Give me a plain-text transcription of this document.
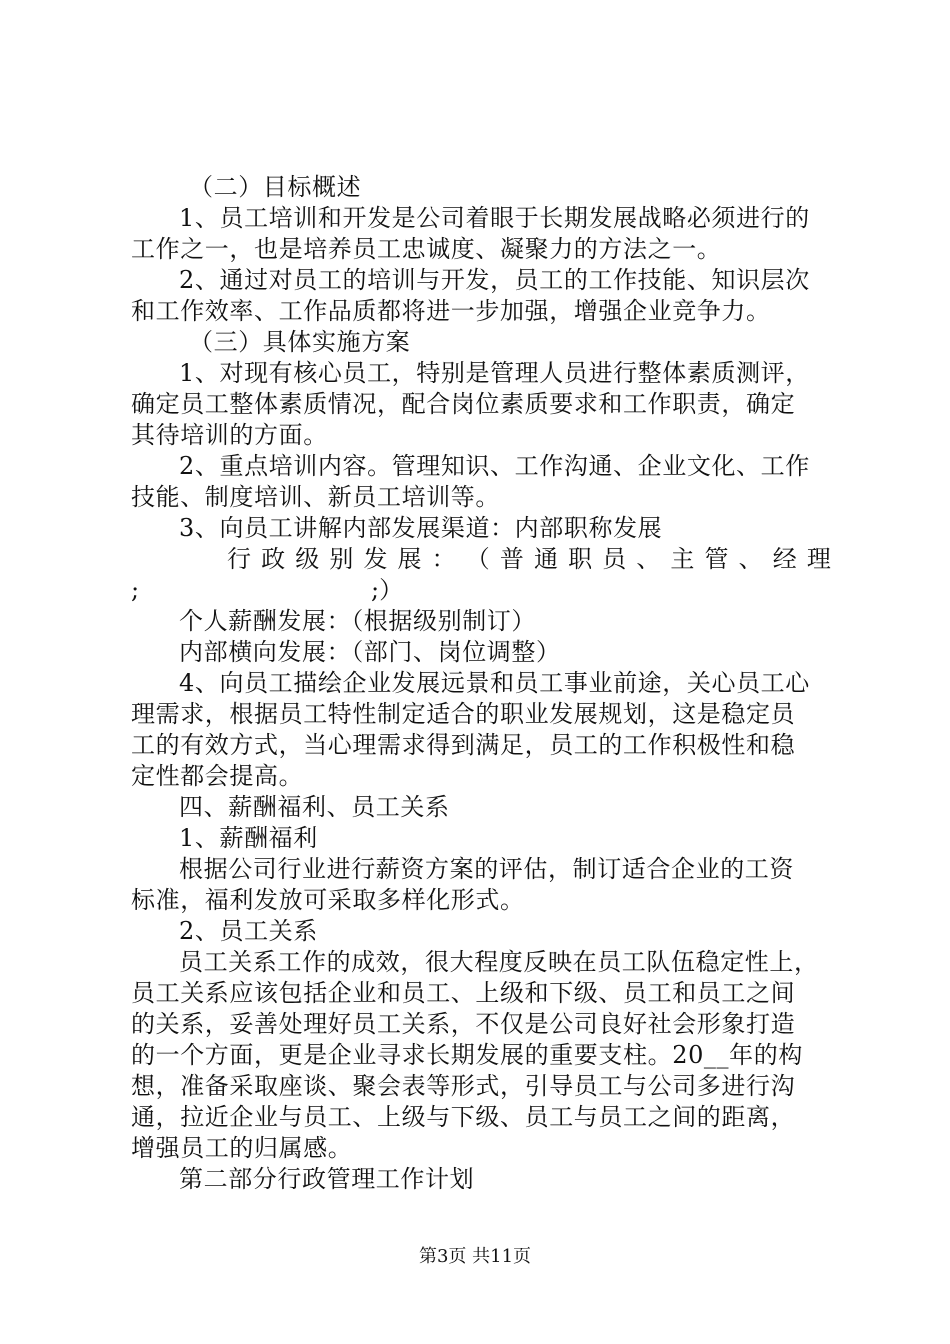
（二）目标概述
1、员工培训和开发是公司着眼于长期发展战略必须进行的
工作之一，也是培养员工忠诚度、凝聚力的方法之一。
2、通过对员工的培训与开发，员工的工作技能、知识层次
和工作效率、工作品质都将进一步加强，增强企业竞争力。
（三）具体实施方案
1、对现有核心员工，特别是管理人员进行整体素质测评，
确定员工整体素质情况，配合岗位素质要求和工作职责，确定
其待培训的方面。
2、重点培训内容。管理知识、工作沟通、企业文化、工作
技能、制度培训、新员工培训等。
3、向员工讲解内部发展渠道：内部职称发展
行 政 级 别 发 展 ： （ 普 通 职 员 、 主 管 、 经 理
;	;）
个人薪酬发展：（根据级别制订）
内部横向发展：（部门、岗位调整）
4、向员工描绘企业发展远景和员工事业前途，关心员工心
理需求，根据员工特性制定适合的职业发展规划，这是稳定员
工的有效方式，当心理需求得到满足，员工的工作积极性和稳
定性都会提高。
四、薪酬福利、员工关系
1、薪酬福利
根据公司行业进行薪资方案的评估，制订适合企业的工资
标准，福利发放可采取多样化形式。
2、员工关系
员工关系工作的成效，很大程度反映在员工队伍稳定性上，
员工关系应该包括企业和员工、上级和下级、员工和员工之间
的关系，妥善处理好员工关系，不仅是公司良好社会形象打造
的一个方面，更是企业寻求长期发展的重要支柱。20__年的构
想，准备采取座谈、聚会表等形式，引导员工与公司多进行沟
通，拉近企业与员工、上级与下级、员工与员工之间的距离，
增强员工的归属感。
第二部分行政管理工作计划
第3页 共11页
